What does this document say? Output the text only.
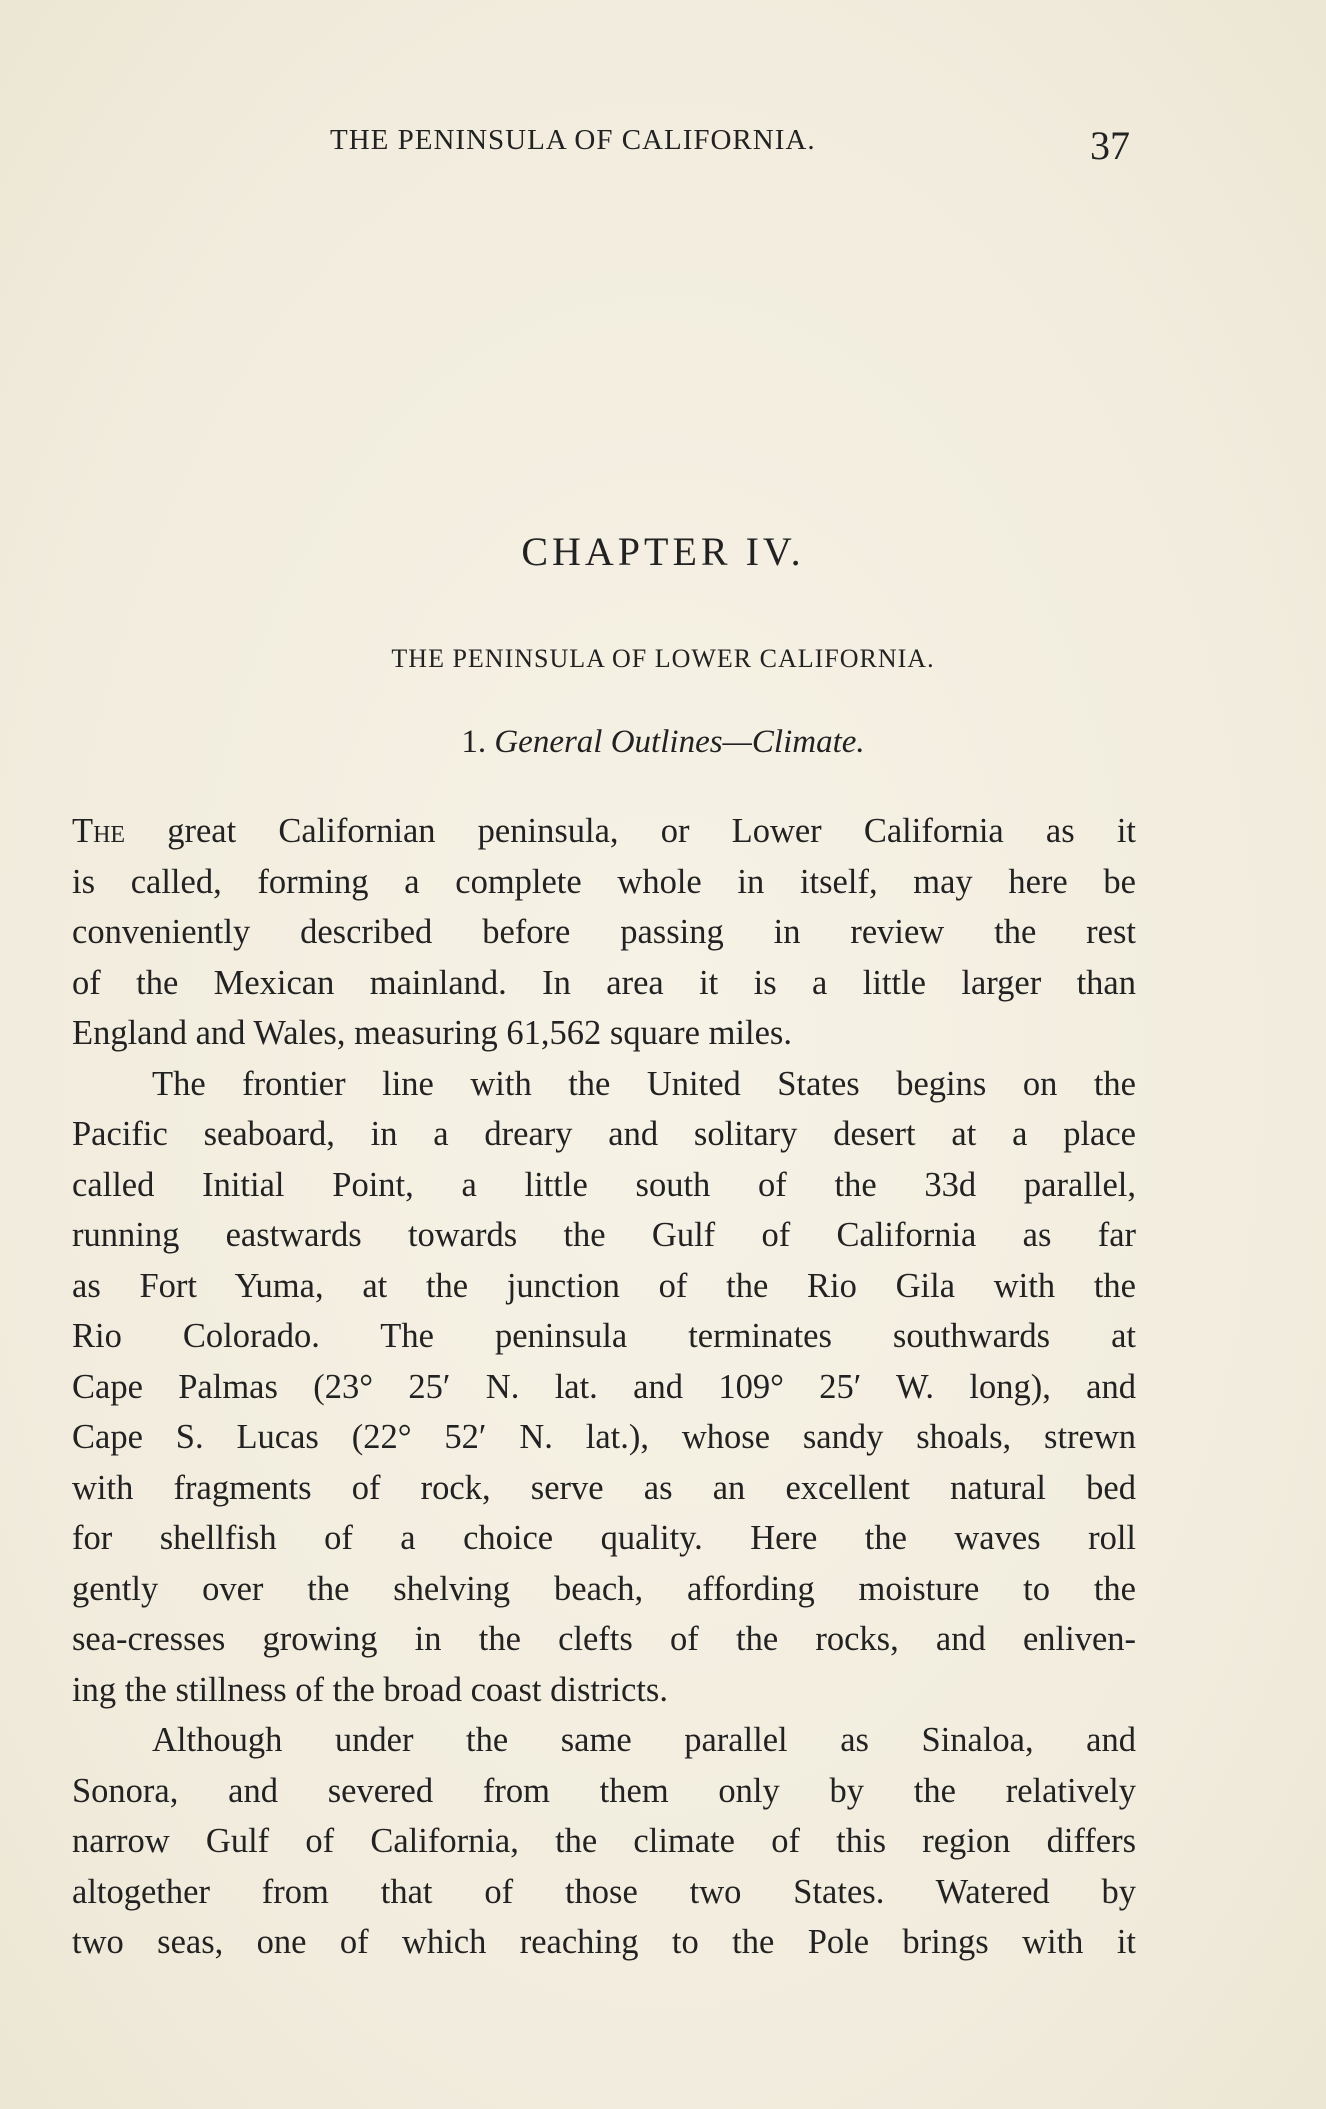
THE PENINSULA OF CALIFORNIA.	37
CHAPTER IV.
THE PENINSULA OF LOWER CALIFORNIA.
1. General Outlines—Climate.

The great Californian peninsula, or Lower California as it
is called, forming a complete whole in itself, may here be
conveniently described before passing in review the rest
of the Mexican mainland. In area it is a little larger than
England and Wales, measuring 61,562 square miles.

The frontier line with the United States begins on the
Pacific seaboard, in a dreary and solitary desert at a place
called Initial Point, a little south of the 33d parallel,
running eastwards towards the Gulf of California as far
as Fort Yuma, at the junction of the Rio Gila with the
Rio Colorado. The peninsula terminates southwards at
Cape Palmas (23° 25′ N. lat. and 109° 25′ W. long), and
Cape S. Lucas (22° 52′ N. lat.), whose sandy shoals, strewn
with fragments of rock, serve as an excellent natural bed
for shellfish of a choice quality. Here the waves roll
gently over the shelving beach, affording moisture to the
sea-cresses growing in the clefts of the rocks, and enliven-
ing the stillness of the broad coast districts.

Although under the same parallel as Sinaloa, and
Sonora, and severed from them only by the relatively
narrow Gulf of California, the climate of this region differs
altogether from that of those two States. Watered by
two seas, one of which reaching to the Pole brings with it
